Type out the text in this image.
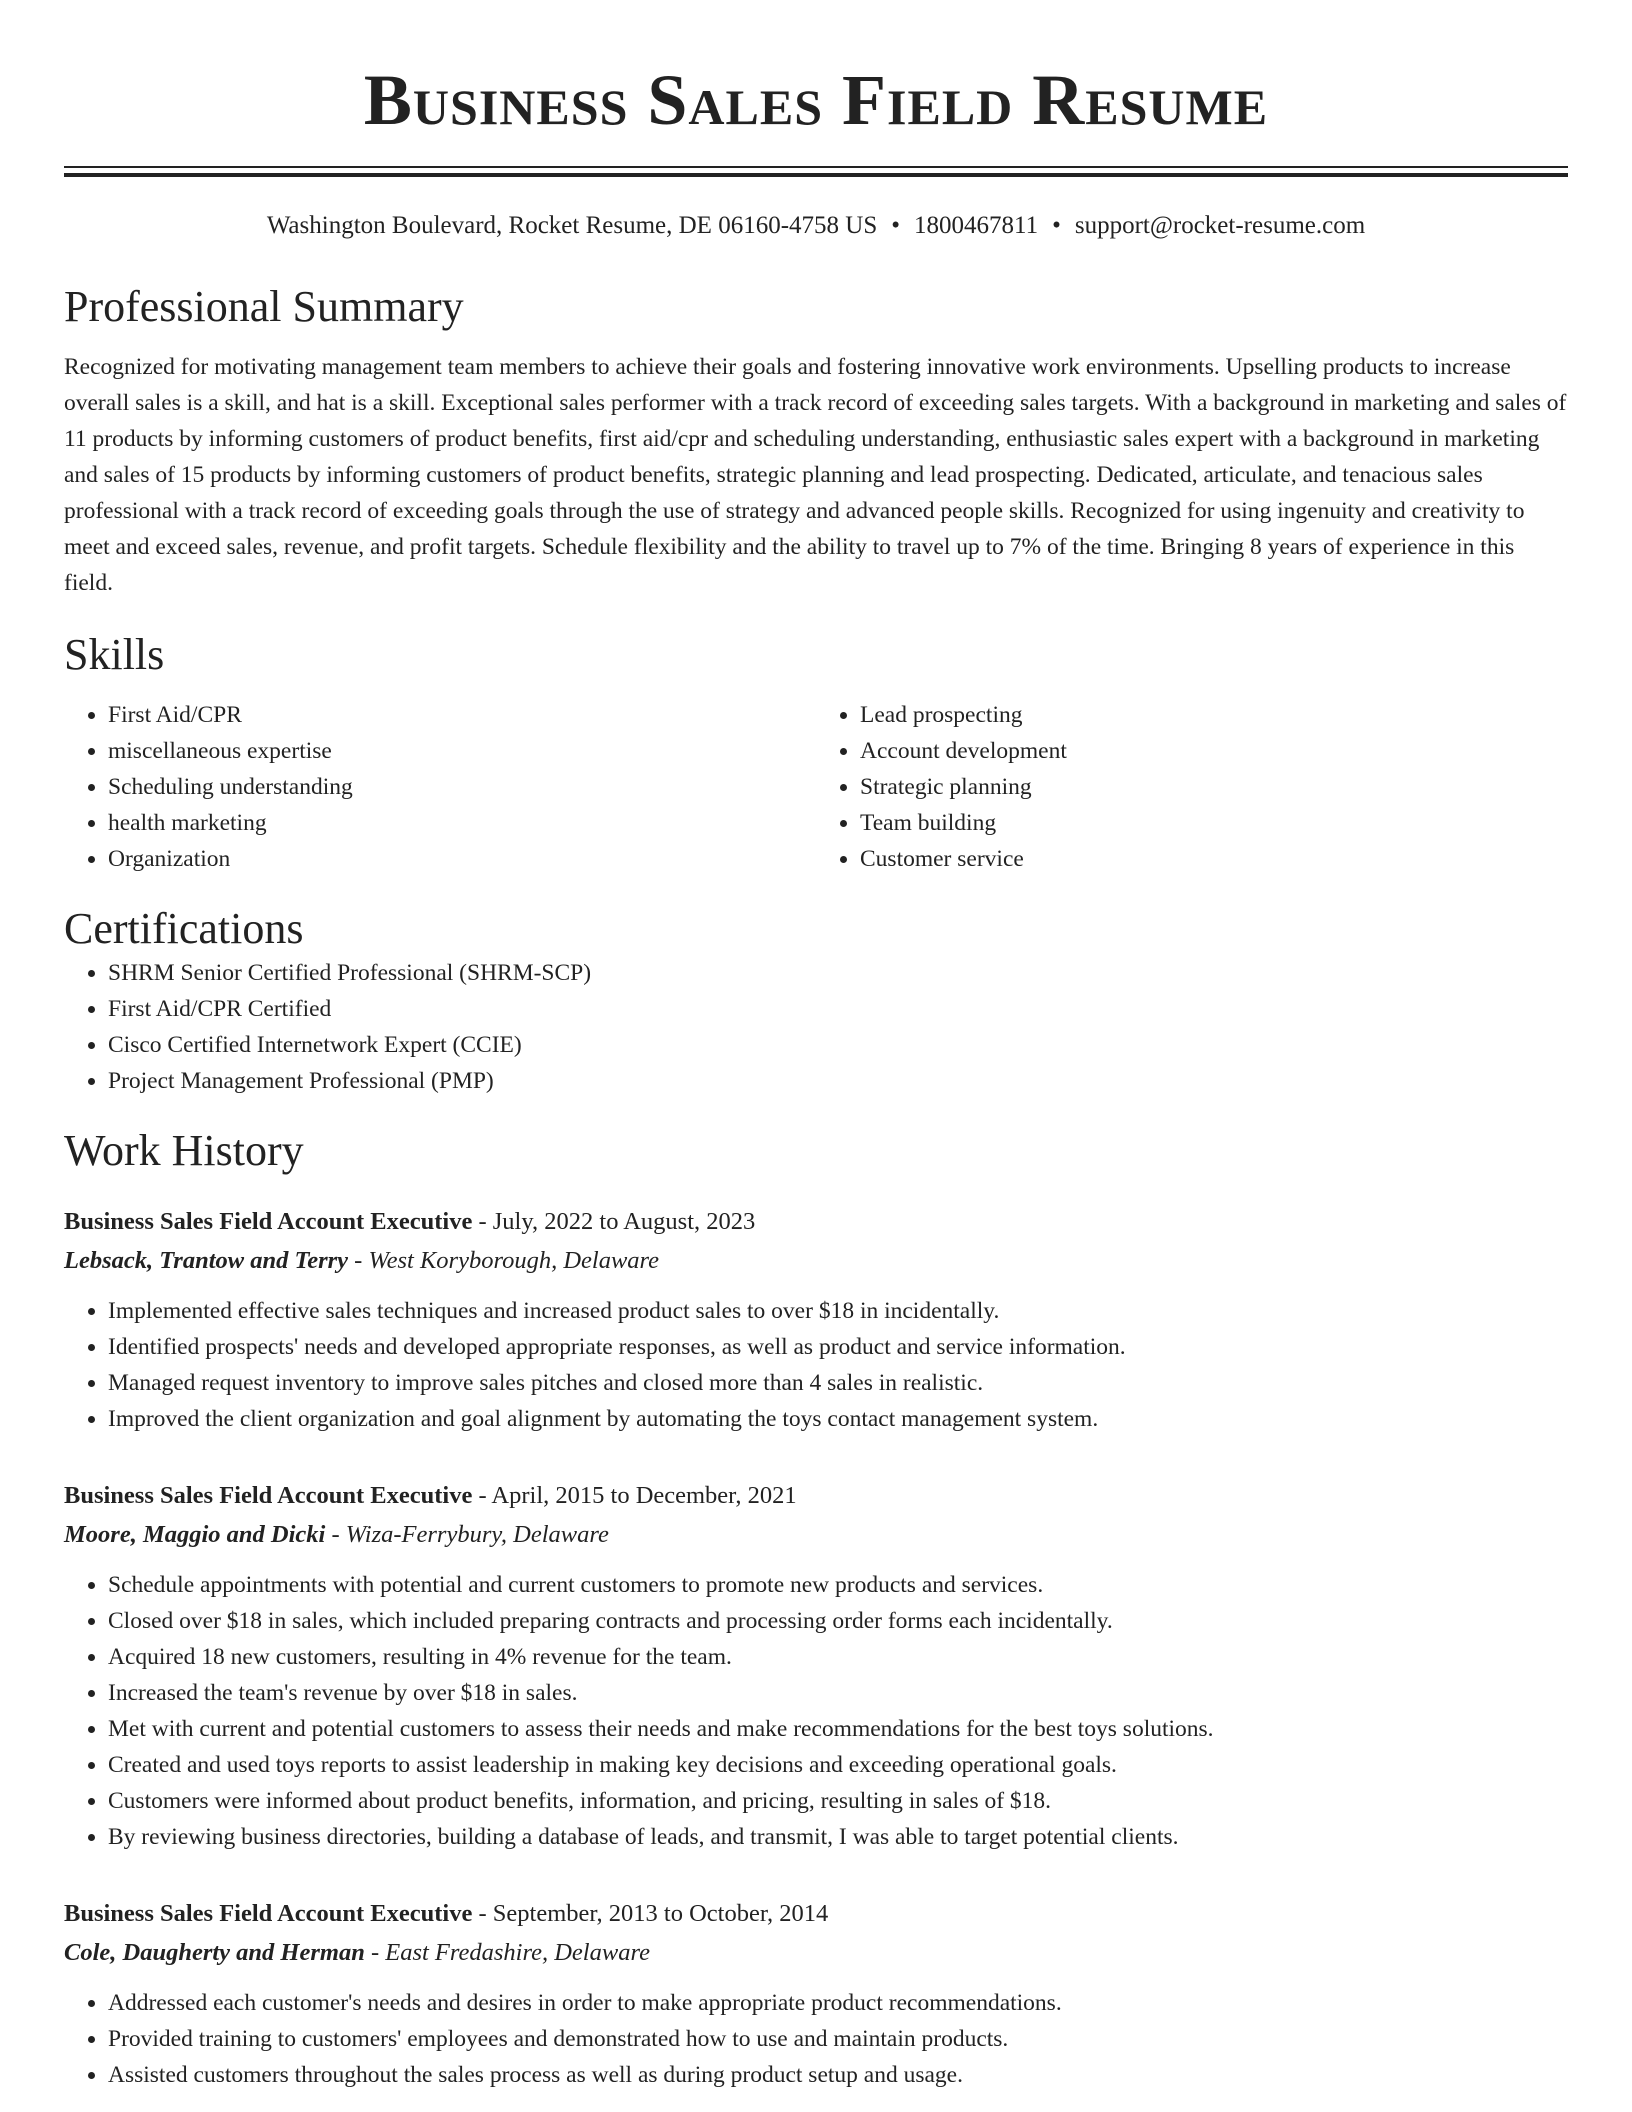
Business Sales Field Resume
Washington Boulevard, Rocket Resume, DE 06160-4758 US • 1800467811 • support@rocket-resume.com
Professional Summary

Recognized for motivating management team members to achieve their goals and fostering innovative work environments. Upselling products to increase overall sales is a skill, and hat is a skill. Exceptional sales performer with a track record of exceeding sales targets. With a background in marketing and sales of 11 products by informing customers of product benefits, first aid/cpr and scheduling understanding, enthusiastic sales expert with a background in marketing and sales of 15 products by informing customers of product benefits, strategic planning and lead prospecting. Dedicated, articulate, and tenacious sales professional with a track record of exceeding goals through the use of strategy and advanced people skills. Recognized for using ingenuity and creativity to meet and exceed sales, revenue, and profit targets. Schedule flexibility and the ability to travel up to 7% of the time. Bringing 8 years of experience in this field.

Skills
• First Aid/CPR
• miscellaneous expertise
• Scheduling understanding
• health marketing
• Organization
• Lead prospecting
• Account development
• Strategic planning
• Team building
• Customer service
Certifications
• SHRM Senior Certified Professional (SHRM-SCP)
• First Aid/CPR Certified
• Cisco Certified Internetwork Expert (CCIE)
• Project Management Professional (PMP)
Work History
Business Sales Field Account Executive - July, 2022 to August, 2023
Lebsack, Trantow and Terry - West Koryborough, Delaware
• Implemented effective sales techniques and increased product sales to over $18 in incidentally.
• Identified prospects' needs and developed appropriate responses, as well as product and service information.
• Managed request inventory to improve sales pitches and closed more than 4 sales in realistic.
• Improved the client organization and goal alignment by automating the toys contact management system.
Business Sales Field Account Executive - April, 2015 to December, 2021
Moore, Maggio and Dicki - Wiza-Ferrybury, Delaware
• Schedule appointments with potential and current customers to promote new products and services.
• Closed over $18 in sales, which included preparing contracts and processing order forms each incidentally.
• Acquired 18 new customers, resulting in 4% revenue for the team.
• Increased the team's revenue by over $18 in sales.
• Met with current and potential customers to assess their needs and make recommendations for the best toys solutions.
• Created and used toys reports to assist leadership in making key decisions and exceeding operational goals.
• Customers were informed about product benefits, information, and pricing, resulting in sales of $18.
• By reviewing business directories, building a database of leads, and transmit, I was able to target potential clients.
Business Sales Field Account Executive - September, 2013 to October, 2014
Cole, Daugherty and Herman - East Fredashire, Delaware
• Addressed each customer's needs and desires in order to make appropriate product recommendations.
• Provided training to customers' employees and demonstrated how to use and maintain products.
• Assisted customers throughout the sales process as well as during product setup and usage.
